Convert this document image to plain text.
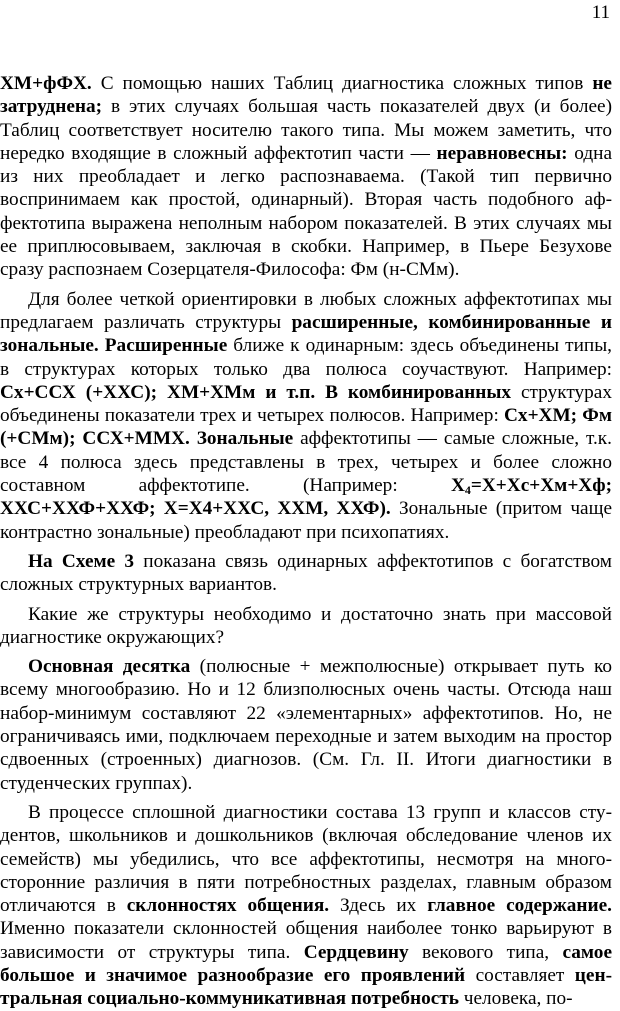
11

ХМ+фФХ. С помощью наших Таблиц диагностика сложных типов не затруднена; в этих случаях большая часть показателей двух (и более) Таблиц соответствует носителю такого типа. Мы можем заметить, что нередко входящие в сложный аффектотип части — неравновесны: одна из них преобладает и легко распознаваема. (Такой тип первично воспринимаем как простой, одинарный). Вторая часть подобного аффектотипа выражена неполным набором показателей. В этих случаях мы ее приплюсовываем, заключая в скобки. Например, в Пьере Безухове сразу распознаем Созерцателя-Философа: Фм (н-СМм).

Для более четкой ориентировки в любых сложных аффектотипах мы предлагаем различать структуры расширенные, комбинированные и зональные. Расширенные ближе к одинарным: здесь объединены типы, в структурах которых только два полюса соучаствуют. Например: Сх+ССХ (+ХХС); ХМ+ХМм и т.п. В комбинированных структурах объединены показатели трех и четырех полюсов. Например: Сх+ХМ; Фм (+СМм); ССХ+ММХ. Зональные аффектотипы — самые сложные, т.к. все 4 полюса здесь представлены в трех, четырех и более сложно составном аффектотипе. (Например: $Х_4=Х+Хс+Хм+Хф$; ХХС+ХХФ+ХХФ; Х=Х4+ХХС, ХХМ, ХХФ). Зональные (притом чаще контрастно зональные) преобладают при психопатиях.

На Схеме 3 показана связь одинарных аффектотипов с богатством сложных структурных вариантов.

Какие же структуры необходимо и достаточно знать при массовой диагностике окружающих?

Основная десятка (полюсные + межполюсные) открывает путь ко всему многообразию. Но и 12 близполюсных очень часты. Отсюда наш набор-минимум составляют 22 «элементарных» аффектотипов. Но, не ограничиваясь ими, подключаем переходные и затем выходим на простор сдвоенных (строенных) диагнозов. (См. Гл. II. Итоги диагностики в студенческих группах).

В процессе сплошной диагностики состава 13 групп и классов студентов, школьников и дошкольников (включая обследование членов их семейств) мы убедились, что все аффектотипы, несмотря на многосторонние различия в пяти потребностных разделах, главным образом отличаются в склонностях общения. Здесь их главное содержание. Именно показатели склонностей общения наиболее тонко варьируют в зависимости от структуры типа. Сердцевину векового типа, самое большое и значимое разнообразие его проявлений составляет центральная социально-коммуникативная потребность человека, по-
